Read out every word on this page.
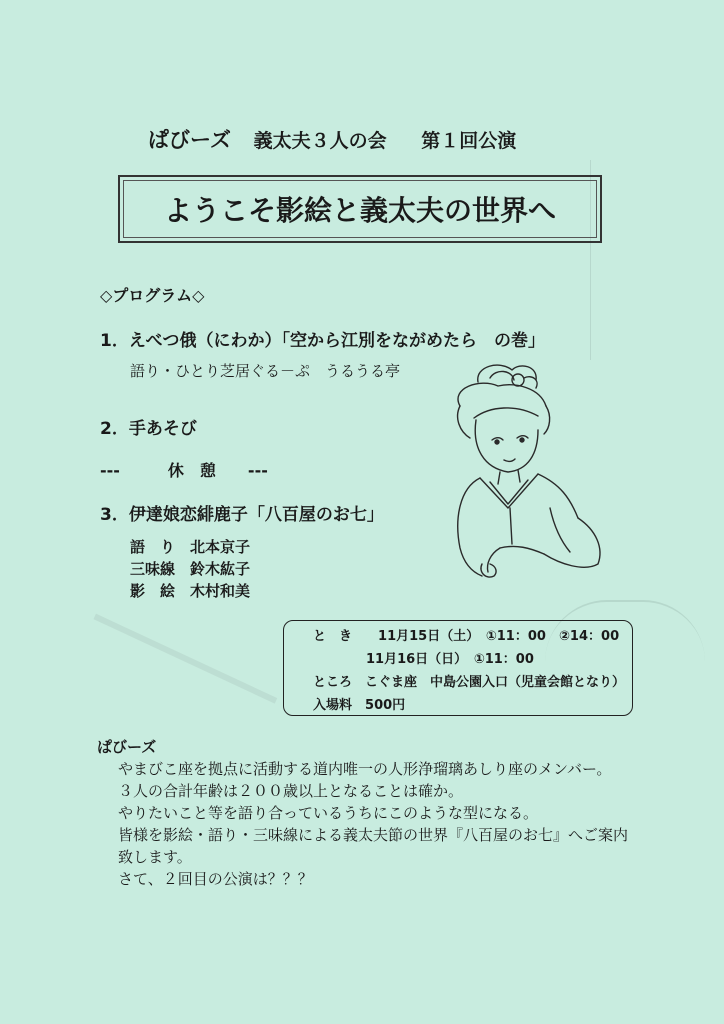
ぱびーズ 義太夫３人の会 第１回公演
ようこそ影絵と義太夫の世界へ
◇プログラム◇
1．えべつ俄（にわか）「空から江別をながめたら　の巻」
語り・ひとり芝居ぐる－ぷ　うるうる亭
2．手あそび
---　　　休　憩　　---
3．伊達娘恋緋鹿子「八百屋のお七」
語　り　 北本京子
三味線　 鈴木紘子
影　絵　 木村和美
と　き　　 11月15日（土）　 ①11：00　②14：00
11月16日（日）　 ①11：00
ところ　 こぐま座　中島公園入口（児童会館となり）
入場料　 500円
ぱびーズ
やまびこ座を拠点に活動する道内唯一の人形浄瑠璃あしり座のメンバー。
３人の合計年齢は２００歳以上となることは確か。
やりたいこと等を語り合っているうちにこのような型になる。
皆様を影絵・語り・三味線による義太夫節の世界『八百屋のお七』へご案内
致します。
さて、２回目の公演は？？？
